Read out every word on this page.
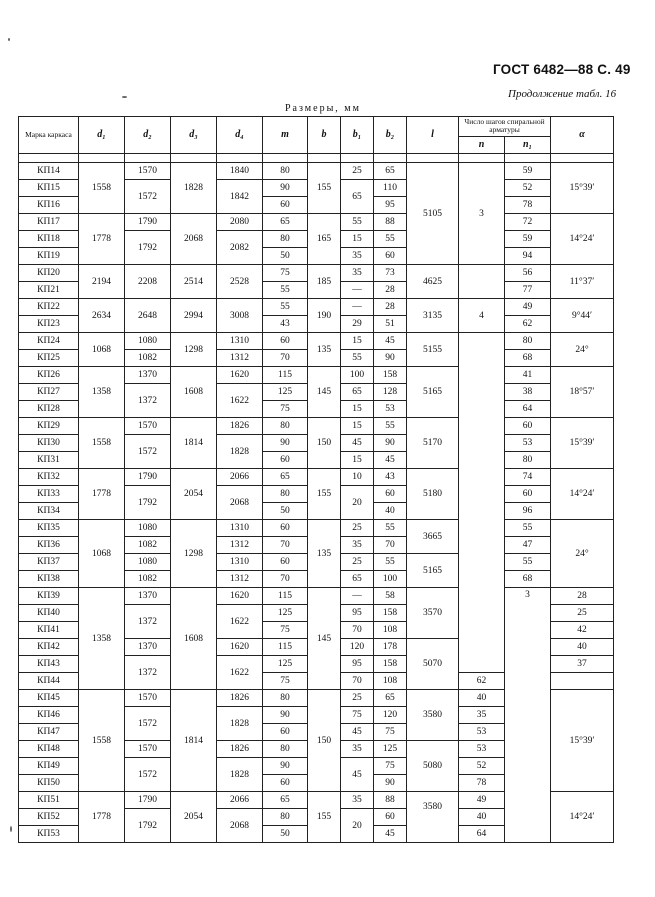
ГОСТ 6482—88 С. 49
Продолжение табл. 16
Размеры, мм
Марка каркаса	d₁	d₂	d₃	d₄	m	b	b₁	b₂	l	Число шагов спиральной арматуры		α	
										n	n₁		

КП14	1558	1570	1828	1840	80	155	25	65	5105	3	59	15°39′	
КП15		1572		1842	90		65	110			52		
КП16					60			95			78		
КП17	1778	1790	2068	2080	65	165	55	88			72	14°24′	
КП18		1792		2082	80		15	55			59		
КП19					50		35	60			94		
КП20	2194	2208	2514	2528	75	185	35	73	4625		56	11°37′	
КП21					55		—	28			77		
КП22	2634	2648	2994	3008	55	190	—	28	3135	4	49	9°44′	
КП23					43		29	51			62		
КП24	1068	1080	1298	1310	60	135	15	45	5155		80	24°	
КП25		1082		1312	70		55	90			68		
КП26	1358	1370	1608	1620	115	145	100	158	5165		41	18°57′	
КП27		1372		1622	125		65	128			38		
КП28					75		15	53			64		
КП29	1558	1570	1814	1826	80	150	15	55	5170		60	15°39′	
КП30		1572		1828	90		45	90			53		
КП31					60		15	45			80		
КП32	1778	1790	2054	2066	65	155	10	43	5180		74	14°24′	
КП33		1792		2068	80		20	60			60		
КП34					50			40			96		
КП35	1068	1080	1298	1310	60	135	25	55	3665		55	24°	
КП36		1082		1312	70		35	70			47		
КП37		1080		1310	60		25	55	5165		55		
КП38		1082		1312	70		65	100			68		
КП39	1358	1370	1608	1620	115	145	—	58	3570		3	28	
КП40		1372		1622	125		95	158				25	
КП41					75		70	108				42	
КП42		1370		1620	115		120	178	5070			40	
КП43		1372		1622	125		95	158				37	
КП44					75		70	108		62			
КП45	1558	1570	1814	1826	80	150	25	65	3580	40		15°39′	
КП46		1572		1828	90		75	120		35			
КП47					60		45	75		53			
КП48		1570		1826	80		35	125	5080	53			
КП49		1572		1828	90		45	75		52			
КП50					60			90		78			
КП51	1778	1790	2054	2066	65	155	35	88	3580	49		14°24′	
КП52		1792		2068	80		20	60		40			
КП53					50			45		64			
